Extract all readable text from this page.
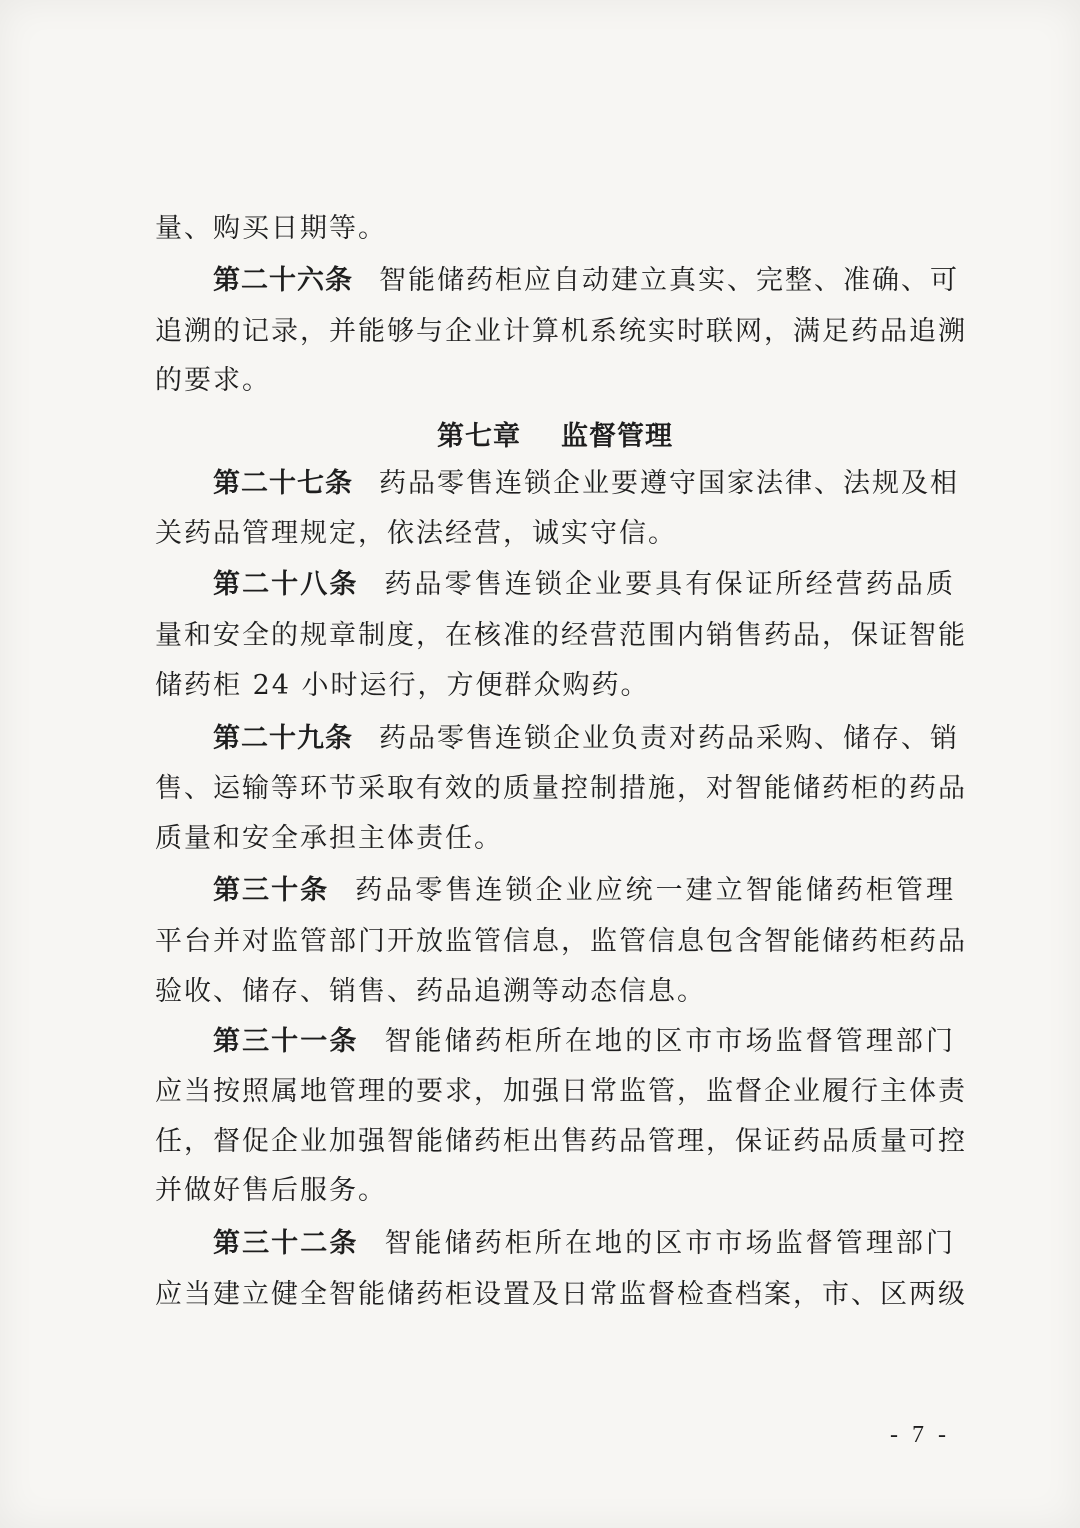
量、购买日期等。
第二十六条 智能储药柜应自动建立真实、完整、准确、可
追溯的记录，并能够与企业计算机系统实时联网，满足药品追溯
的要求。
第七章 监督管理
第二十七条 药品零售连锁企业要遵守国家法律、法规及相
关药品管理规定，依法经营，诚实守信。
第二十八条 药品零售连锁企业要具有保证所经营药品质
量和安全的规章制度，在核准的经营范围内销售药品，保证智能
储药柜 24 小时运行，方便群众购药。
第二十九条 药品零售连锁企业负责对药品采购、储存、销
售、运输等环节采取有效的质量控制措施，对智能储药柜的药品
质量和安全承担主体责任。
第三十条 药品零售连锁企业应统一建立智能储药柜管理
平台并对监管部门开放监管信息，监管信息包含智能储药柜药品
验收、储存、销售、药品追溯等动态信息。
第三十一条 智能储药柜所在地的区市市场监督管理部门
应当按照属地管理的要求，加强日常监管，监督企业履行主体责
任，督促企业加强智能储药柜出售药品管理，保证药品质量可控
并做好售后服务。
第三十二条 智能储药柜所在地的区市市场监督管理部门
应当建立健全智能储药柜设置及日常监督检查档案，市、区两级
- 7 -
